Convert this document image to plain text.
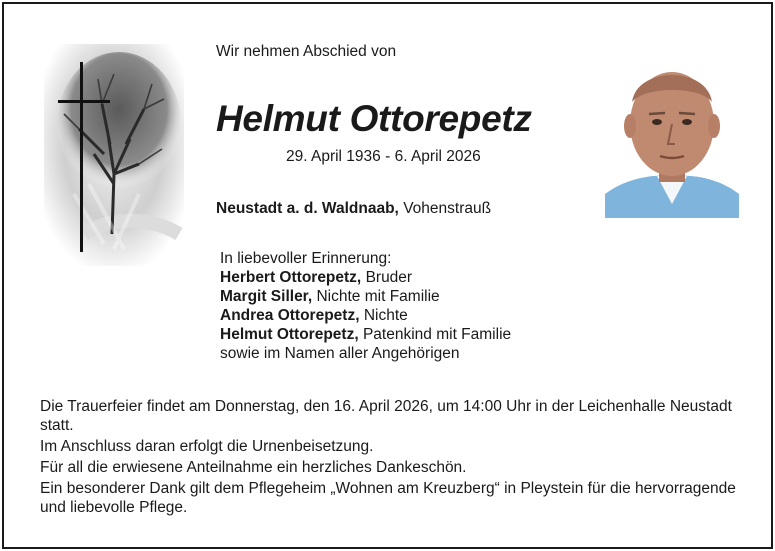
Wir nehmen Abschied von
Helmut Ottorepetz
29. April 1936 - 6. April 2026
Neustadt a. d. Waldnaab, Vohenstrauß
In liebevoller Erinnerung:
Herbert Ottorepetz, Bruder
Margit Siller, Nichte mit Familie
Andrea Ottorepetz, Nichte
Helmut Ottorepetz, Patenkind mit Familie
sowie im Namen aller Angehörigen

Die Trauerfeier findet am Donnerstag, den 16. April 2026, um 14:00 Uhr in der Leichenhalle Neustadt statt.

Im Anschluss daran erfolgt die Urnenbeisetzung.

Für all die erwiesene Anteilnahme ein herzliches Dankeschön.

Ein besonderer Dank gilt dem Pflegeheim „Wohnen am Kreuzberg“ in Pleystein für die hervorragende und liebevolle Pflege.
